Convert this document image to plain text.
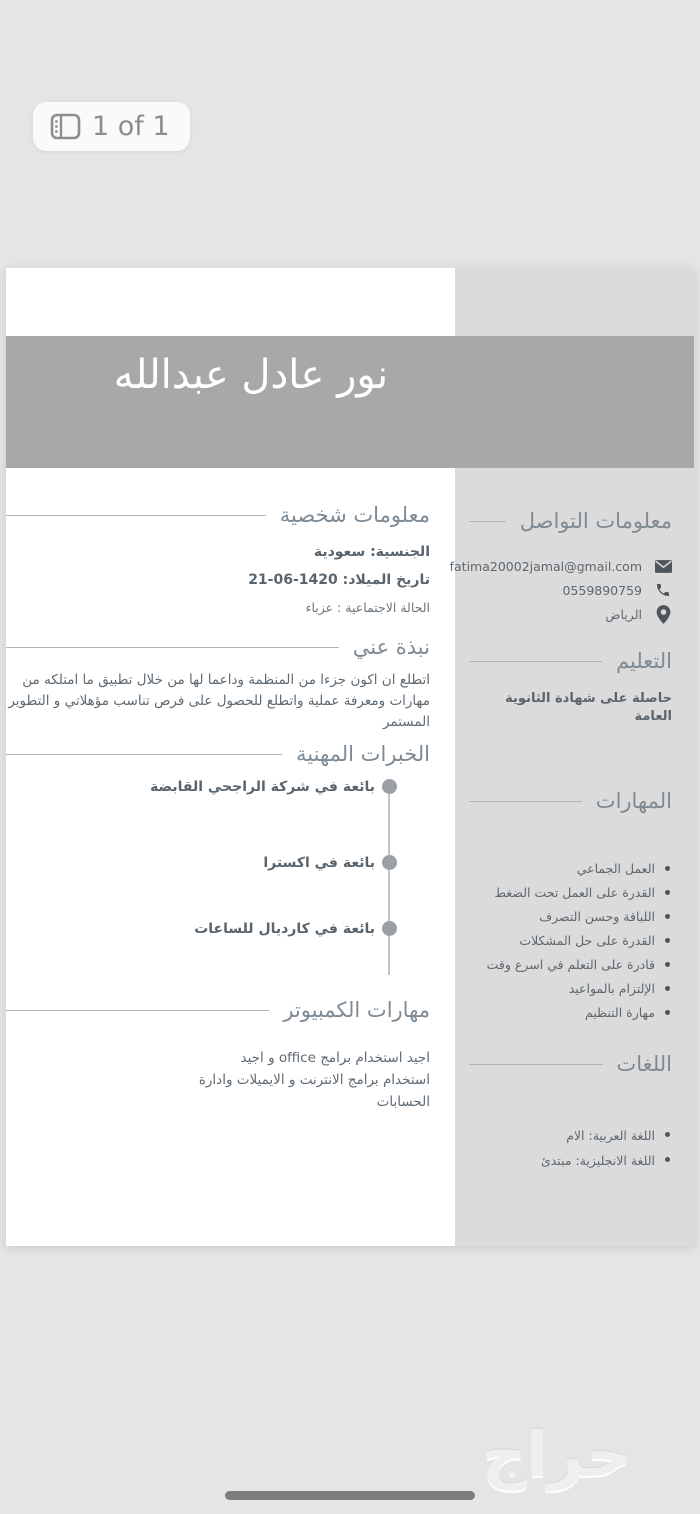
1 of 1
نور عادل عبدالله
معلومات شخصية
الجنسية: سعودية
تاريخ الميلاد: 1420-06-21
الحالة الاجتماعية : عزباء
نبذة عني

اتطلع ان اكون جزءا من المنظمة وداعما لها من خلال تطبيق ما امتلكه من مهارات ومعرفة عملية واتطلع للحصول على فرص تناسب مؤهلاتي و التطوير المستمر

الخبرات المهنية
بائعة في شركة الراجحي القابضة
بائعة في اكسترا
بائعة في كارديال للساعات
مهارات الكمبيوتر

اجيد استخدام برامج office و اجيد استخدام برامج الانترنت و الايميلات وادارة الحسابات

معلومات التواصل
fatima20002jamal@gmail.com
0559890759
الرياض
التعليم

حاصلة على شهادة الثانوية العامة

المهارات
العمل الجماعي
القدرة على العمل تحت الضغط
اللباقة وحسن التصرف
القدرة على حل المشكلات
قادرة على التعلم في اسرع وقت
الإلتزام بالمواعيد
مهارة التنظيم
اللغات
اللغة العربية: الام
اللغة الانجليزية: مبتدئ
حراج
